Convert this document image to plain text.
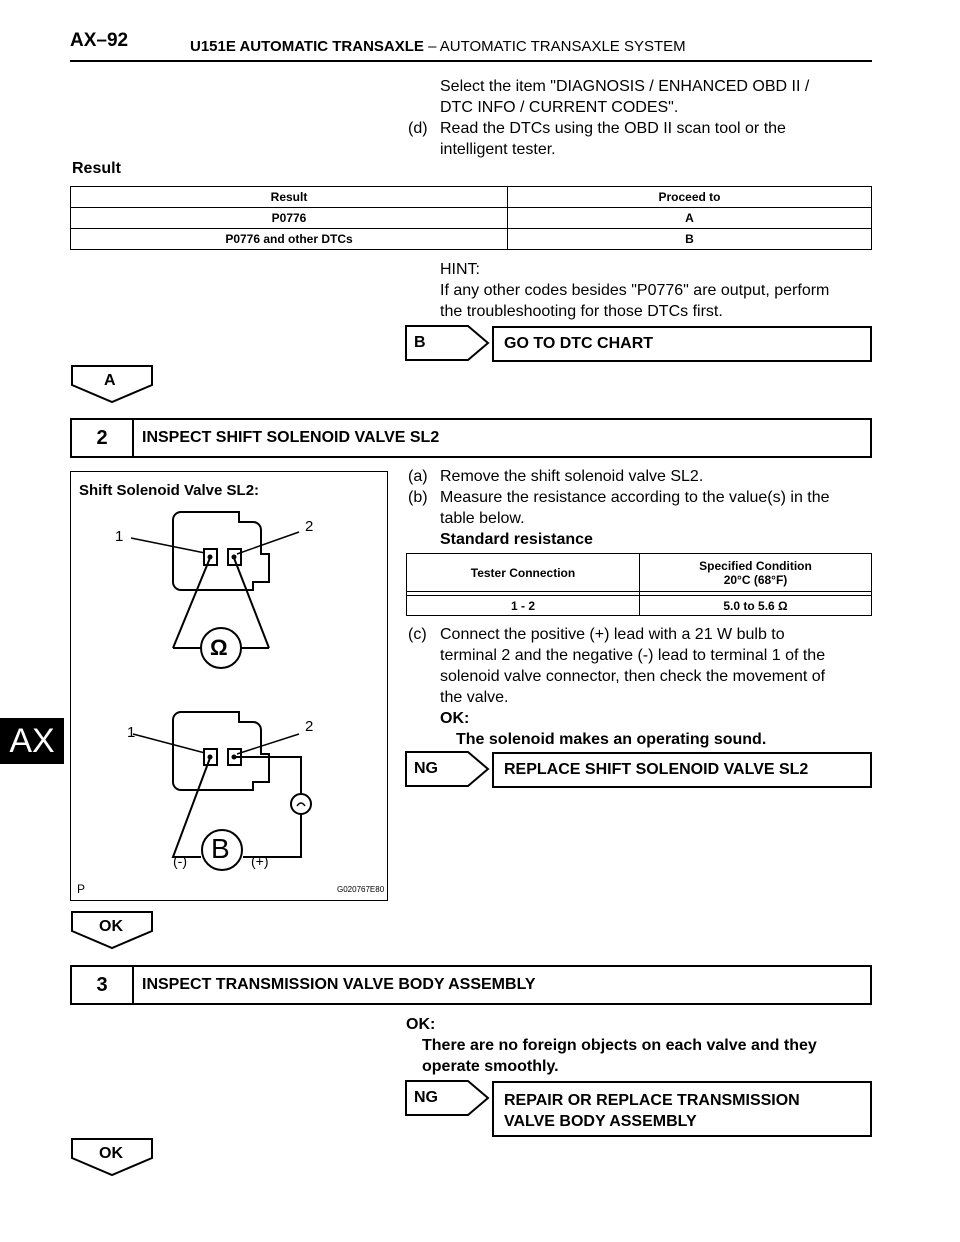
AX–92	U151E AUTOMATIC TRANSAXLE – AUTOMATIC TRANSAXLE SYSTEM
AX
Select the item "DIAGNOSIS / ENHANCED OBD II /
DTC INFO / CURRENT CODES".
(d) Read the DTCs using the OBD II scan tool or the
intelligent tester.
Result
Result	Proceed to
P0776	A
P0776 and other DTCs	B
HINT:
If any other codes besides "P0776" are output, perform
the troubleshooting for those DTCs first.
B	GO TO DTC CHART
A
2	INSPECT SHIFT SOLENOID VALVE SL2
Shift Solenoid Valve SL2:
1
2
Ω
1	2
B
(-)	(+)
P	G020767E80
(a) Remove the shift solenoid valve SL2.
(b) Measure the resistance according to the value(s) in the
table below.
Standard resistance
Tester Connection	Specified Condition
20°C (68°F)

1 - 2	5.0 to 5.6 Ω
(c) Connect the positive (+) lead with a 21 W bulb to
terminal 2 and the negative (-) lead to terminal 1 of the
solenoid valve connector, then check the movement of
the valve.
OK:
The solenoid makes an operating sound.
NG	REPLACE SHIFT SOLENOID VALVE SL2
OK
3	INSPECT TRANSMISSION VALVE BODY ASSEMBLY
OK:
There are no foreign objects on each valve and they
operate smoothly.
NG	REPAIR OR REPLACE TRANSMISSION
VALVE BODY ASSEMBLY
OK
